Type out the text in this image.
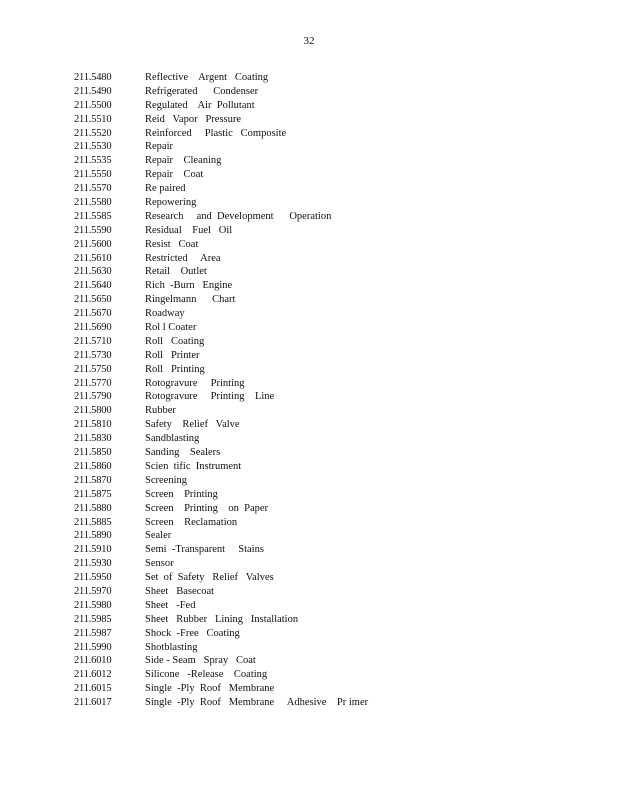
32
211.5480	Reflective    Argent   Coating
211.5490	Refrigerated      Condenser
211.5500	Regulated    Air  Pollutant
211.5510	Reid   Vapor   Pressure
211.5520	Reinforced     Plastic   Composite
211.5530	Repair
211.5535	Repair    Cleaning
211.5550	Repair    Coat
211.5570	Re paired
211.5580	Repowering
211.5585	Research     and  Development      Operation
211.5590	Residual    Fuel   Oil
211.5600	Resist   Coat
211.5610	Restricted     Area
211.5630	Retail    Outlet
211.5640	Rich  -Burn   Engine
211.5650	Ringelmann      Chart
211.5670	Roadway
211.5690	Rol l Coater
211.5710	Roll   Coating
211.5730	Roll   Printer
211.5750	Roll   Printing
211.5770	Rotogravure     Printing
211.5790	Rotogravure     Printing    Line
211.5800	Rubber
211.5810	Safety    Relief   Valve
211.5830	Sandblasting
211.5850	Sanding    Sealers
211.5860	Scien  tific  Instrument
211.5870	Screening
211.5875	Screen    Printing
211.5880	Screen    Printing    on  Paper
211.5885	Screen    Reclamation
211.5890	Sealer
211.5910	Semi  -Transparent     Stains
211.5930	Sensor
211.5950	Set  of  Safety   Relief   Valves
211.5970	Sheet   Basecoat
211.5980	Sheet   -Fed
211.5985	Sheet   Rubber   Lining   Installation
211.5987	Shock  -Free   Coating
211.5990	Shotblasting
211.6010	Side - Seam   Spray   Coat
211.6012	Silicone   -Release    Coating
211.6015	Single  -Ply  Roof   Membrane
211.6017	Single  -Ply  Roof   Membrane     Adhesive    Pr imer
